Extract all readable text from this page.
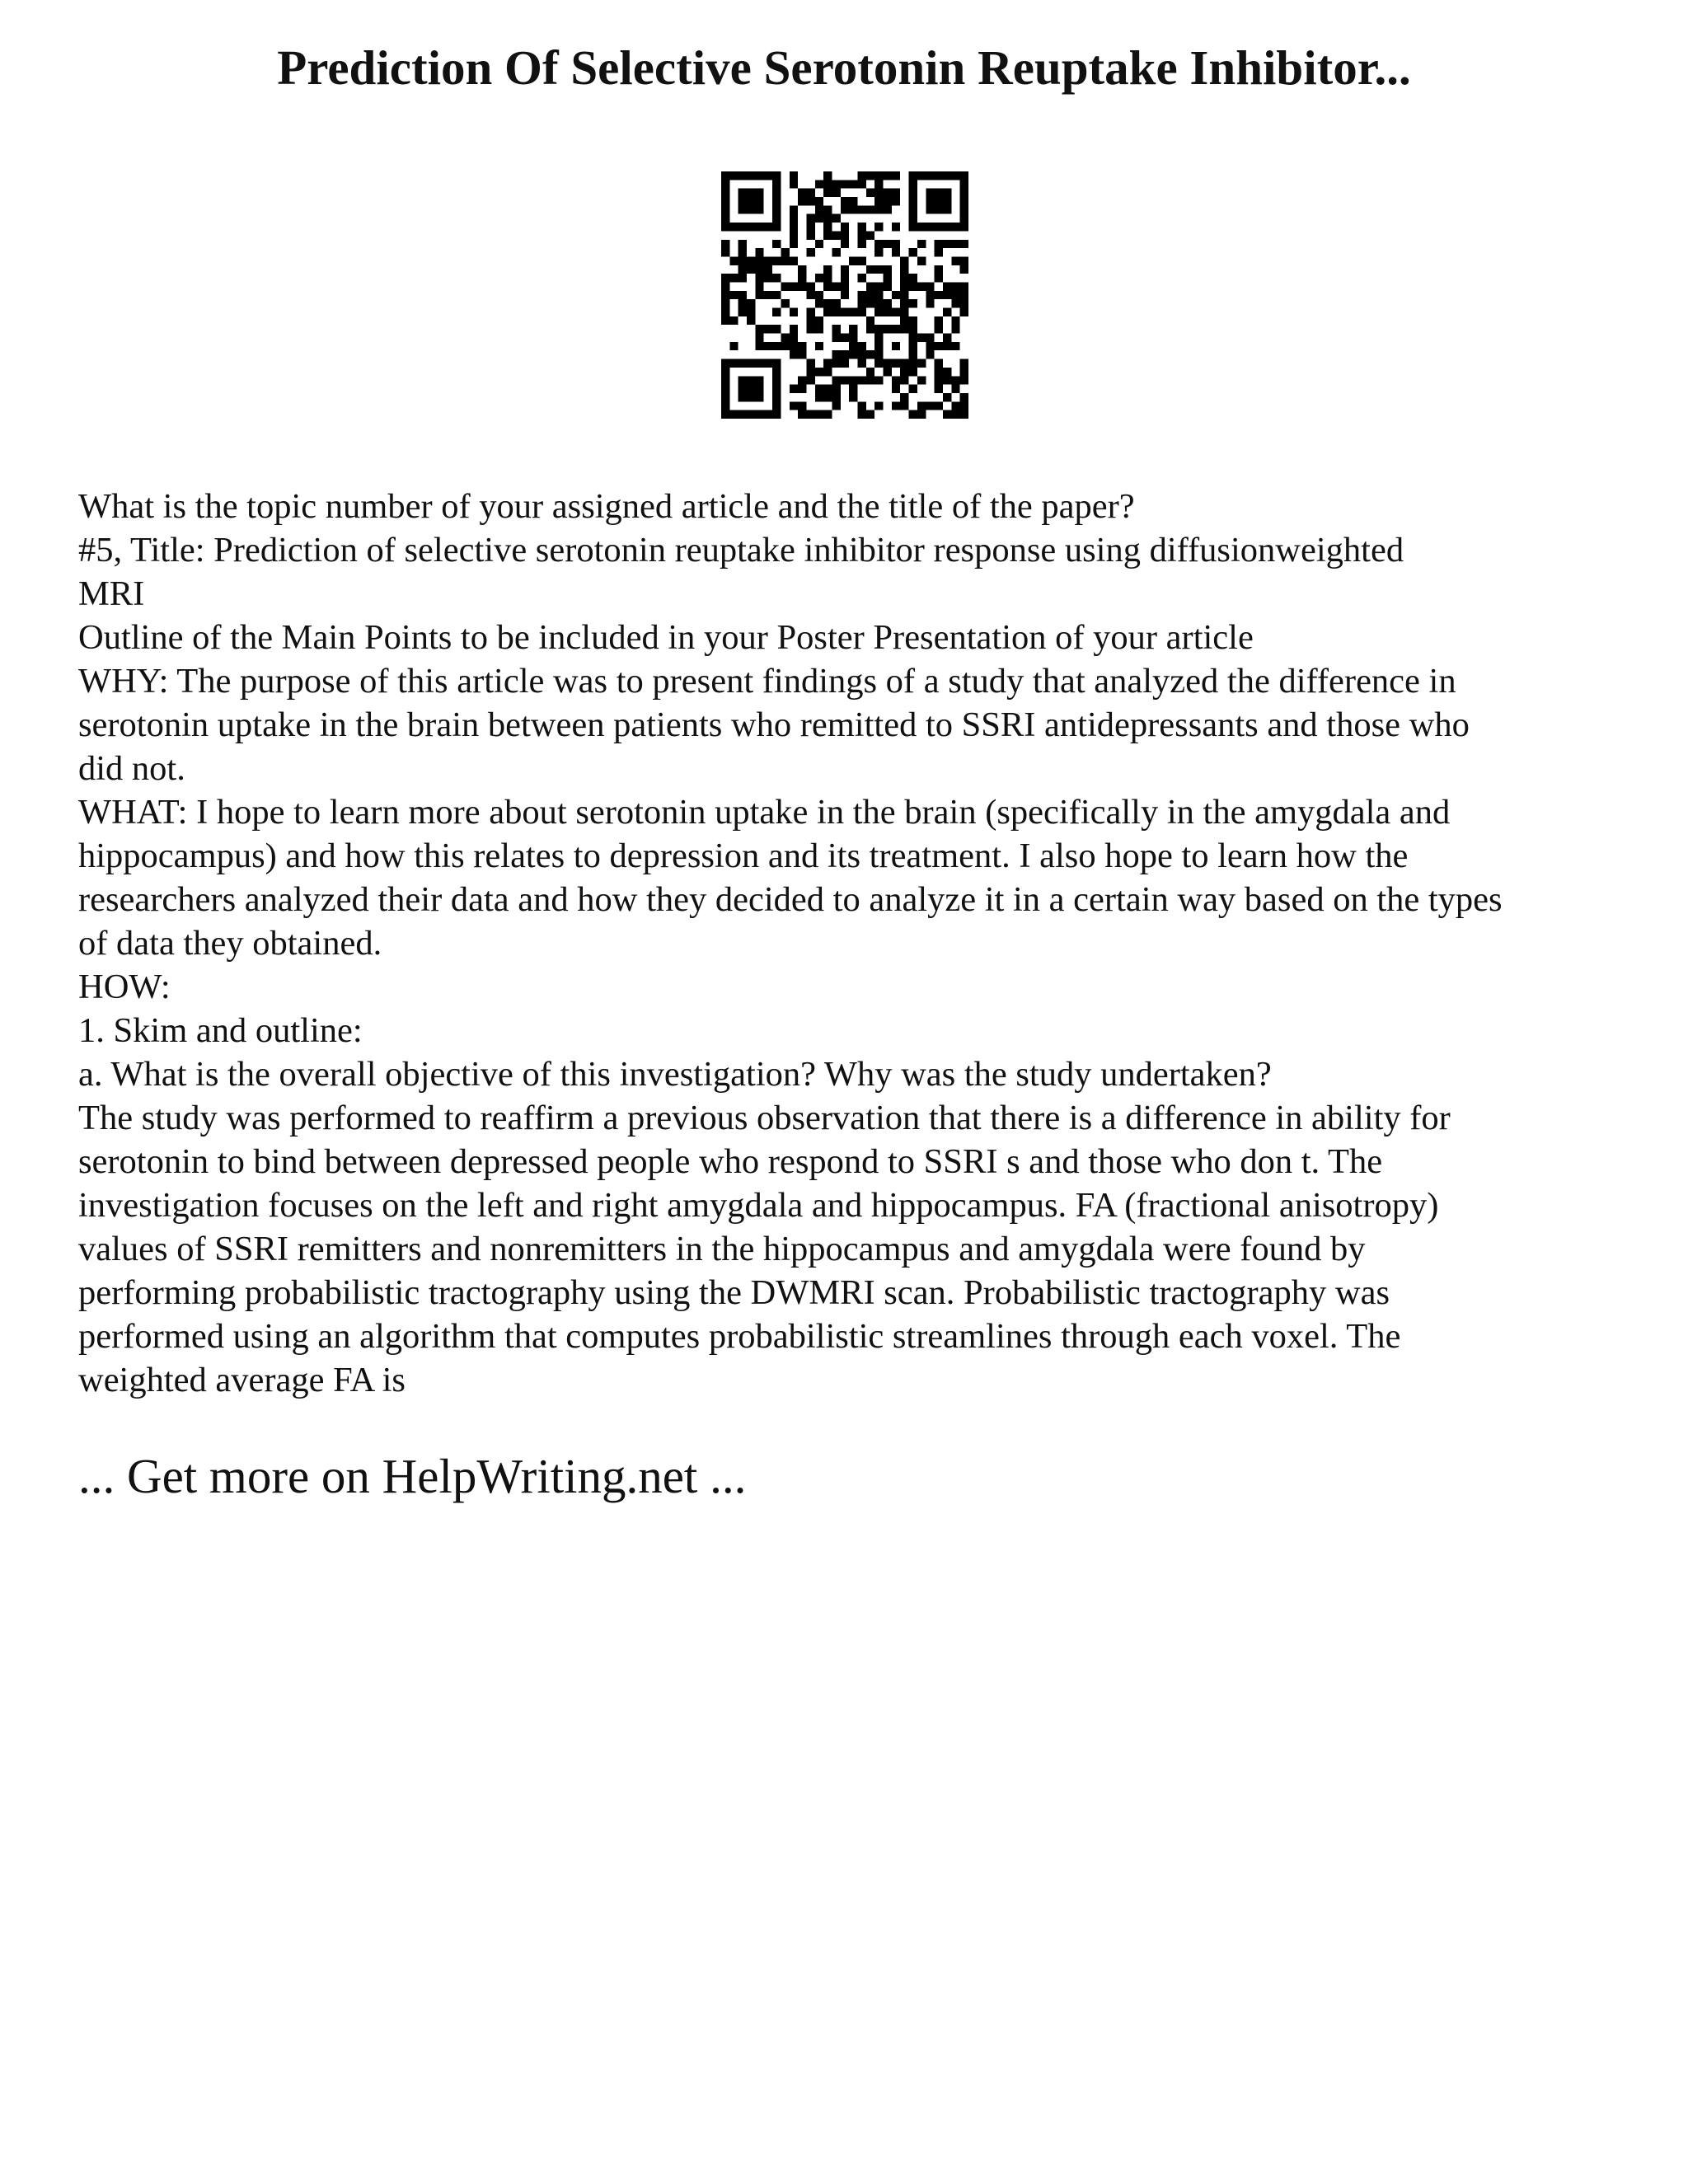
Prediction Of Selective Serotonin Reuptake Inhibitor...
What is the topic number of your assigned article and the title of the paper?
#5, Title: Prediction of selective serotonin reuptake inhibitor response using diffusionweighted
MRI
Outline of the Main Points to be included in your Poster Presentation of your article
WHY: The purpose of this article was to present findings of a study that analyzed the difference in
serotonin uptake in the brain between patients who remitted to SSRI antidepressants and those who
did not.
WHAT: I hope to learn more about serotonin uptake in the brain (specifically in the amygdala and
hippocampus) and how this relates to depression and its treatment. I also hope to learn how the
researchers analyzed their data and how they decided to analyze it in a certain way based on the types
of data they obtained.
HOW:
1. Skim and outline:
a. What is the overall objective of this investigation? Why was the study undertaken?
The study was performed to reaffirm a previous observation that there is a difference in ability for
serotonin to bind between depressed people who respond to SSRI s and those who don t. The
investigation focuses on the left and right amygdala and hippocampus. FA (fractional anisotropy)
values of SSRI remitters and nonremitters in the hippocampus and amygdala were found by
performing probabilistic tractography using the DWMRI scan. Probabilistic tractography was
performed using an algorithm that computes probabilistic streamlines through each voxel. The
weighted average FA is
... Get more on HelpWriting.net ...
